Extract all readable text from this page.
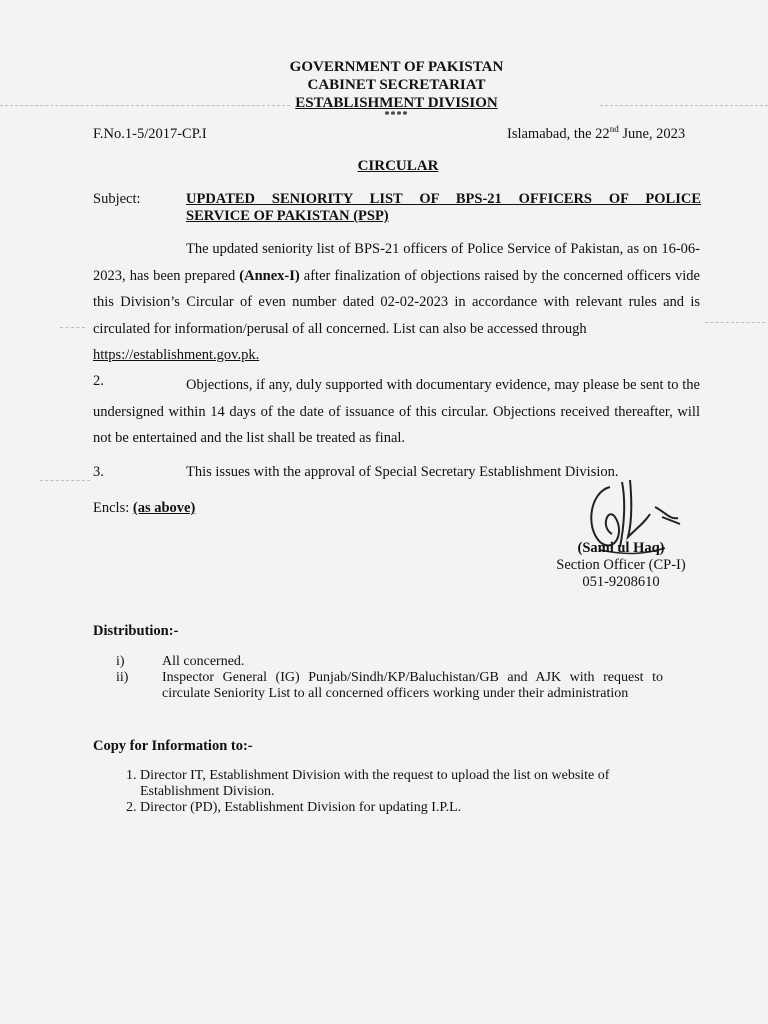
GOVERNMENT OF PAKISTAN
CABINET SECRETARIAT
ESTABLISHMENT DIVISION
****
F.No.1-5/2017-CP.I	Islamabad, the 22nd June, 2023
CIRCULAR
Subject:	UPDATED SENIORITY LIST OF BPS-21 OFFICERS OF POLICE
SERVICE OF PAKISTAN (PSP)
The updated seniority list of BPS-21 officers of Police Service of Pakistan, as on 16-06-2023, has been prepared (Annex-I) after finalization of objections raised by the concerned officers vide this Division’s Circular of even number dated 02-02-2023 in accordance with relevant rules and is circulated for information/perusal of all concerned. List can also be accessed through
https://establishment.gov.pk.
2.	Objections, if any, duly supported with documentary evidence, may please be sent to the undersigned within 14 days of the date of issuance of this circular. Objections received thereafter, will not be entertained and the list shall be treated as final.
3.	This issues with the approval of Special Secretary Establishment Division.
Encls: (as above)
(Sami ul Haq)
Section Officer (CP-I)
051-9208610
Distribution:-
i)	All concerned.
ii)	Inspector General (IG) Punjab/Sindh/KP/Baluchistan/GB and AJK with request to circulate Seniority List to all concerned officers working under their administration
Copy for Information to:-
1. Director IT, Establishment Division with the request to upload the list on website of Establishment Division.
2. Director (PD), Establishment Division for updating I.P.L.
